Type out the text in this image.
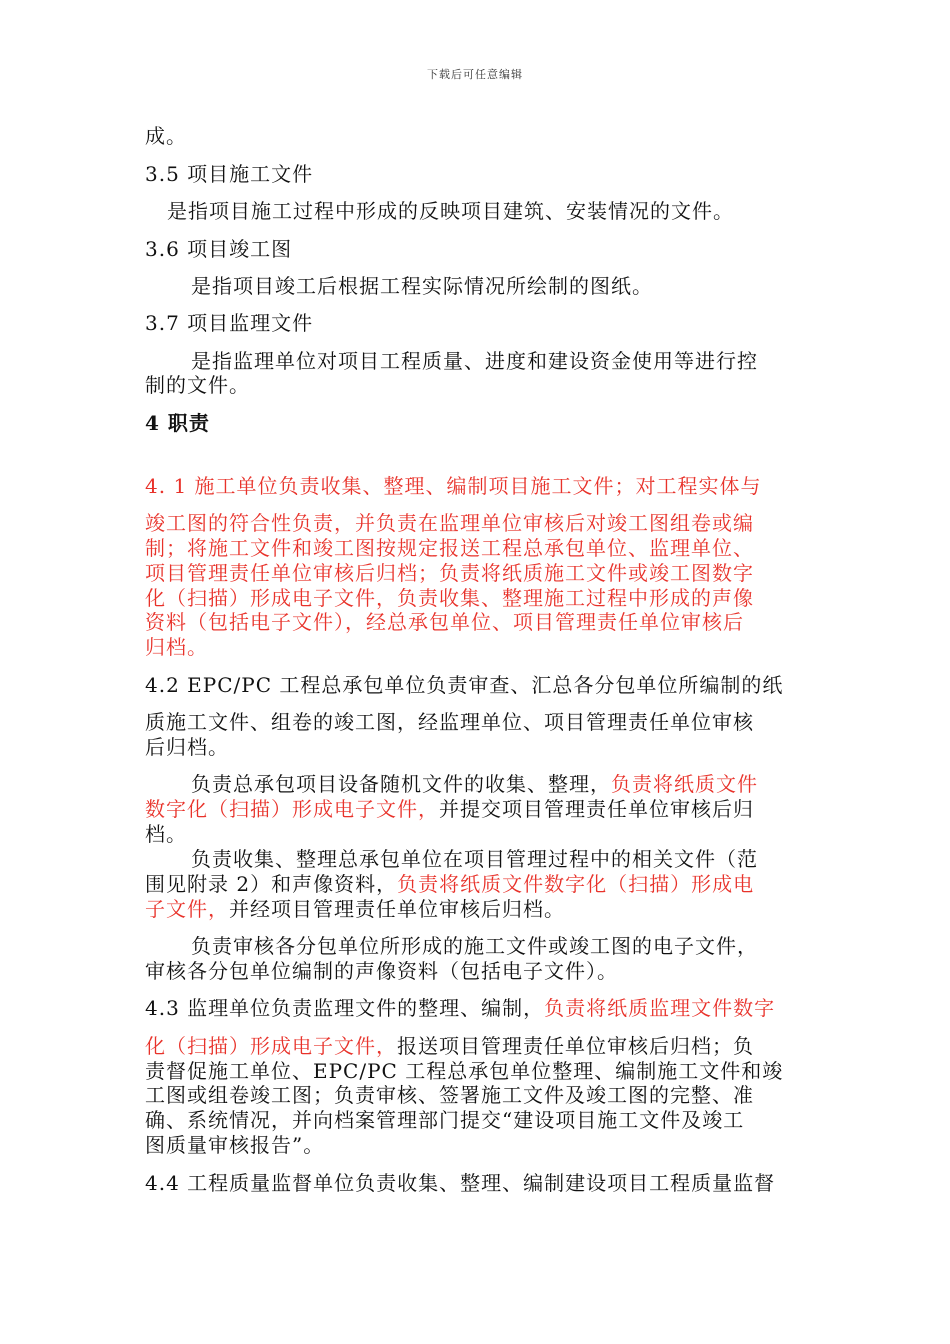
下载后可任意编辑
成。
3.5 项目施工文件
是指项目施工过程中形成的反映项目建筑、安装情况的文件。
3.6 项目竣工图
是指项目竣工后根据工程实际情况所绘制的图纸。
3.7 项目监理文件
是指监理单位对项目工程质量、进度和建设资金使用等进行控
制的文件。
4 职责
4. 1 施工单位负责收集、整理、编制项目施工文件；对工程实体与
竣工图的符合性负责，并负责在监理单位审核后对竣工图组卷或编
制；将施工文件和竣工图按规定报送工程总承包单位、监理单位、
项目管理责任单位审核后归档；负责将纸质施工文件或竣工图数字
化（扫描）形成电子文件，负责收集、整理施工过程中形成的声像
资料（包括电子文件），经总承包单位、项目管理责任单位审核后
归档。
4.2 EPC/PC 工程总承包单位负责审查、汇总各分包单位所编制的纸
质施工文件、组卷的竣工图，经监理单位、项目管理责任单位审核
后归档。
负责总承包项目设备随机文件的收集、整理，负责将纸质文件
数字化（扫描）形成电子文件，并提交项目管理责任单位审核后归
档。
负责收集、整理总承包单位在项目管理过程中的相关文件（范
围见附录 2）和声像资料，负责将纸质文件数字化（扫描）形成电
子文件，并经项目管理责任单位审核后归档。
负责审核各分包单位所形成的施工文件或竣工图的电子文件，
审核各分包单位编制的声像资料（包括电子文件）。
4.3 监理单位负责监理文件的整理、编制，负责将纸质监理文件数字
化（扫描）形成电子文件，报送项目管理责任单位审核后归档；负
责督促施工单位、EPC/PC 工程总承包单位整理、编制施工文件和竣
工图或组卷竣工图；负责审核、签署施工文件及竣工图的完整、准
确、系统情况，并向档案管理部门提交“建设项目施工文件及竣工
图质量审核报告”。
4.4 工程质量监督单位负责收集、整理、编制建设项目工程质量监督
